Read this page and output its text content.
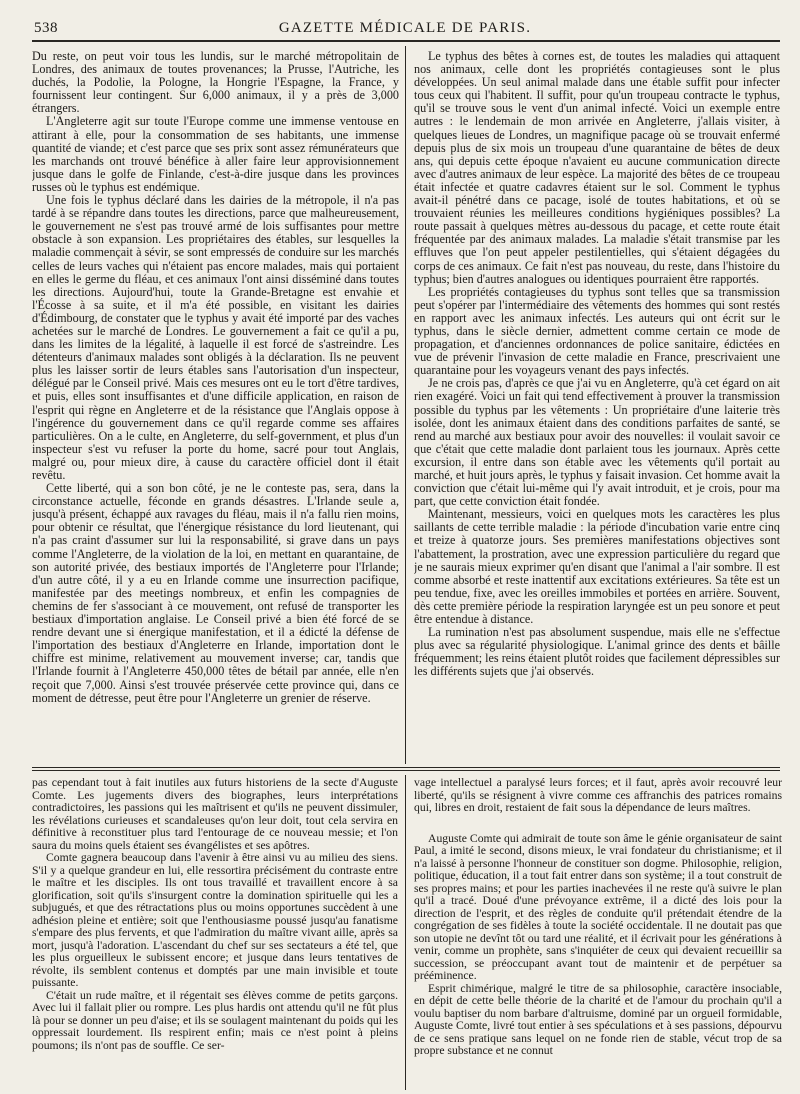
538	GAZETTE MÉDICALE DE PARIS.

Du reste, on peut voir tous les lundis, sur le marché métropolitain de Londres, des animaux de toutes provenances; la Prusse, l'Autriche, les duchés, la Podolie, la Pologne, la Hongrie l'Espagne, la France, y fournissent leur contingent. Sur 6,000 animaux, il y a près de 3,000 étrangers.

L'Angleterre agit sur toute l'Europe comme une immense ventouse en attirant à elle, pour la consommation de ses habitants, une immense quantité de viande; et c'est parce que ses prix sont assez rémunérateurs que les marchands ont trouvé bénéfice à aller faire leur approvisionnement jusque dans le golfe de Finlande, c'est-à-dire jusque dans les provinces russes où le typhus est endémique.

Une fois le typhus déclaré dans les dairies de la métropole, il n'a pas tardé à se répandre dans toutes les directions, parce que malheureusement, le gouvernement ne s'est pas trouvé armé de lois suffisantes pour mettre obstacle à son expansion. Les propriétaires des étables, sur lesquelles la maladie commençait à sévir, se sont empressés de conduire sur les marchés celles de leurs vaches qui n'étaient pas encore malades, mais qui portaient en elles le germe du fléau, et ces animaux l'ont ainsi disséminé dans toutes les directions. Aujourd'hui, toute la Grande-Bretagne est envahie et l'Écosse à sa suite, et il m'a été possible, en visitant les dairies d'Édimbourg, de constater que le typhus y avait été importé par des vaches achetées sur le marché de Londres. Le gouvernement a fait ce qu'il a pu, dans les limites de la légalité, à laquelle il est forcé de s'astreindre. Les détenteurs d'animaux malades sont obligés à la déclaration. Ils ne peuvent plus les laisser sortir de leurs étables sans l'autorisation d'un inspecteur, délégué par le Conseil privé. Mais ces mesures ont eu le tort d'être tardives, et puis, elles sont insuffisantes et d'une difficile application, en raison de l'esprit qui règne en Angleterre et de la résistance que l'Anglais oppose à l'ingérence du gouvernement dans ce qu'il regarde comme ses affaires particulières. On a le culte, en Angleterre, du self-government, et plus d'un inspecteur s'est vu refuser la porte du home, sacré pour tout Anglais, malgré ou, pour mieux dire, à cause du caractère officiel dont il était revêtu.

Cette liberté, qui a son bon côté, je ne le conteste pas, sera, dans la circonstance actuelle, féconde en grands désastres. L'Irlande seule a, jusqu'à présent, échappé aux ravages du fléau, mais il n'a fallu rien moins, pour obtenir ce résultat, que l'énergique résistance du lord lieutenant, qui n'a pas craint d'assumer sur lui la responsabilité, si grave dans un pays comme l'Angleterre, de la violation de la loi, en mettant en quarantaine, de son autorité privée, des bestiaux importés de l'Angleterre pour l'Irlande; d'un autre côté, il y a eu en Irlande comme une insurrection pacifique, manifestée par des meetings nombreux, et enfin les compagnies de chemins de fer s'associant à ce mouvement, ont refusé de transporter les bestiaux d'importation anglaise. Le Conseil privé a bien été forcé de se rendre devant une si énergique manifestation, et il a édicté la défense de l'importation des bestiaux d'Angleterre en Irlande, importation dont le chiffre est minime, relativement au mouvement inverse; car, tandis que l'Irlande fournit à l'Angleterre 450,000 têtes de bétail par année, elle n'en reçoit que 7,000. Ainsi s'est trouvée préservée cette province qui, dans ce moment de détresse, peut être pour l'Angleterre un grenier de réserve.

Le typhus des bêtes à cornes est, de toutes les maladies qui attaquent nos animaux, celle dont les propriétés contagieuses sont le plus développées. Un seul animal malade dans une étable suffit pour infecter tous ceux qui l'habitent. Il suffit, pour qu'un troupeau contracte le typhus, qu'il se trouve sous le vent d'un animal infecté. Voici un exemple entre autres : le lendemain de mon arrivée en Angleterre, j'allais visiter, à quelques lieues de Londres, un magnifique pacage où se trouvait enfermé depuis plus de six mois un troupeau d'une quarantaine de bêtes de deux ans, qui depuis cette époque n'avaient eu aucune communication directe avec d'autres animaux de leur espèce. La majorité des bêtes de ce troupeau était infectée et quatre cadavres étaient sur le sol. Comment le typhus avait-il pénétré dans ce pacage, isolé de toutes habitations, et où se trouvaient réunies les meilleures conditions hygiéniques possibles? La route passait à quelques mètres au-dessous du pacage, et cette route était fréquentée par des animaux malades. La maladie s'était transmise par les effluves que l'on peut appeler pestilentielles, qui s'étaient dégagées du corps de ces animaux. Ce fait n'est pas nouveau, du reste, dans l'histoire du typhus; bien d'autres analogues ou identiques pourraient être rapportés.

Les propriétés contagieuses du typhus sont telles que sa transmission peut s'opérer par l'intermédiaire des vêtements des hommes qui sont restés en rapport avec les animaux infectés. Les auteurs qui ont écrit sur le typhus, dans le siècle dernier, admettent comme certain ce mode de propagation, et d'anciennes ordonnances de police sanitaire, édictées en vue de prévenir l'invasion de cette maladie en France, prescrivaient une quarantaine pour les voyageurs venant des pays infectés.

Je ne crois pas, d'après ce que j'ai vu en Angleterre, qu'à cet égard on ait rien exagéré. Voici un fait qui tend effectivement à prouver la transmission possible du typhus par les vêtements : Un propriétaire d'une laiterie très isolée, dont les animaux étaient dans des conditions parfaites de santé, se rend au marché aux bestiaux pour avoir des nouvelles: il voulait savoir ce que c'était que cette maladie dont parlaient tous les journaux. Après cette excursion, il entre dans son étable avec les vêtements qu'il portait au marché, et huit jours après, le typhus y faisait invasion. Cet homme avait la conviction que c'était lui-même qui l'y avait introduit, et je crois, pour ma part, que cette conviction était fondée.

Maintenant, messieurs, voici en quelques mots les caractères les plus saillants de cette terrible maladie : la période d'incubation varie entre cinq et treize à quatorze jours. Ses premières manifestations objectives sont l'abattement, la prostration, avec une expression particulière du regard que je ne saurais mieux exprimer qu'en disant que l'animal a l'air sombre. Il est comme absorbé et reste inattentif aux excitations extérieures. Sa tête est un peu tendue, fixe, avec les oreilles immobiles et portées en arrière. Souvent, dès cette première période la respiration laryngée est un peu sonore et peut être entendue à distance.

La rumination n'est pas absolument suspendue, mais elle ne s'effectue plus avec sa régularité physiologique. L'animal grince des dents et bâille fréquemment; les reins étaient plutôt roides que facilement dépressibles sur les différents sujets que j'ai observés.

pas cependant tout à fait inutiles aux futurs historiens de la secte d'Auguste Comte. Les jugements divers des biographes, leurs interprétations contradictoires, les passions qui les maîtrisent et qu'ils ne peuvent dissimuler, les révélations curieuses et scandaleuses qu'on leur doit, tout cela servira en définitive à reconstituer plus tard l'entourage de ce nouveau messie; et l'on saura du moins quels étaient ses évangélistes et ses apôtres.

Comte gagnera beaucoup dans l'avenir à être ainsi vu au milieu des siens. S'il y a quelque grandeur en lui, elle ressortira précisément du contraste entre le maître et les disciples. Ils ont tous travaillé et travaillent encore à sa glorification, soit qu'ils s'insurgent contre la domination spirituelle qui les a subjugués, et que des rétractations plus ou moins opportunes succèdent à une adhésion pleine et entière; soit que l'enthousiasme poussé jusqu'au fanatisme s'empare des plus fervents, et que l'admiration du maître vivant aille, après sa mort, jusqu'à l'adoration. L'ascendant du chef sur ses sectateurs a été tel, que les plus orgueilleux le subissent encore; et jusque dans leurs tentatives de révolte, ils semblent contenus et domptés par une main invisible et toute puissante.

C'était un rude maître, et il régentait ses élèves comme de petits garçons. Avec lui il fallait plier ou rompre. Les plus hardis ont attendu qu'il ne fût plus là pour se donner un peu d'aise; et ils se soulagent maintenant du poids qui les oppressait lourdement. Ils respirent enfin; mais ce n'est point à pleins poumons; ils n'ont pas de souffle. Ce ser-

vage intellectuel a paralysé leurs forces; et il faut, après avoir recouvré leur liberté, qu'ils se résignent à vivre comme ces affranchis des patrices romains qui, libres en droit, restaient de fait sous la dépendance de leurs maîtres.

Auguste Comte qui admirait de toute son âme le génie organisateur de saint Paul, a imité le second, disons mieux, le vrai fondateur du christianisme; et il n'a laissé à personne l'honneur de constituer son dogme. Philosophie, religion, politique, éducation, il a tout fait entrer dans son système; il a tout construit de ses propres mains; et pour les parties inachevées il ne reste qu'à suivre le plan qu'il a tracé. Doué d'une prévoyance extrême, il a dicté des lois pour la direction de l'esprit, et des règles de conduite qu'il prétendait étendre de la congrégation de ses fidèles à toute la société occidentale. Il ne doutait pas que son utopie ne devînt tôt ou tard une réalité, et il écrivait pour les générations à venir, comme un prophète, sans s'inquiéter de ceux qui devaient recueillir sa succession, se préoccupant avant tout de maintenir et de perpétuer sa prééminence.

Esprit chimérique, malgré le titre de sa philosophie, caractère insociable, en dépit de cette belle théorie de la charité et de l'amour du prochain qu'il a voulu baptiser du nom barbare d'altruisme, dominé par un orgueil formidable, Auguste Comte, livré tout entier à ses spéculations et à ses passions, dépourvu de ce sens pratique sans lequel on ne fonde rien de stable, vécut trop de sa propre substance et ne connut
